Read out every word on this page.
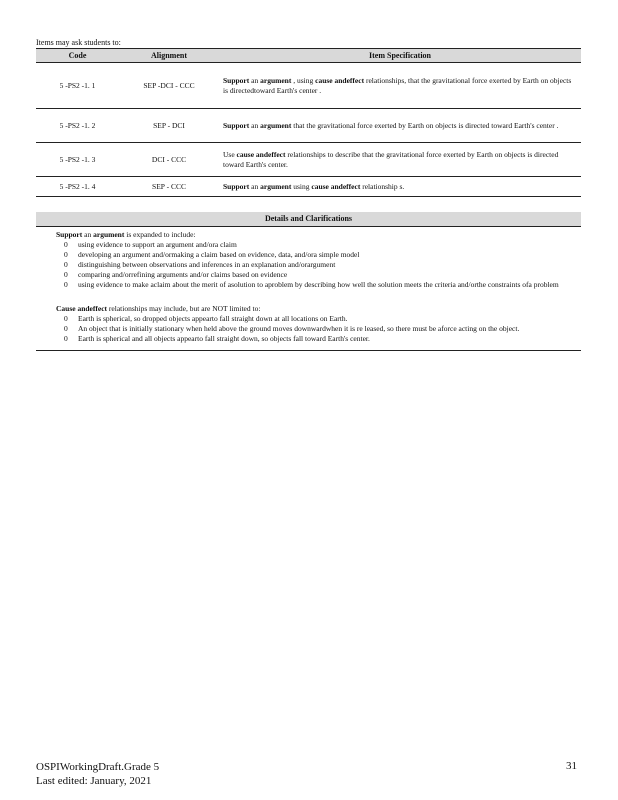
Items may ask students to:
Code	Alignment	Item Specification
5 -PS2 -1. 1	SEP -DCI - CCC	Support an argument , using cause andeffect relationships, that the gravitational force exerted by Earth on objects is directedtoward Earth's center .
5 -PS2 -1. 2	SEP - DCI	Support an argument that the gravitational force exerted by Earth on objects is directed toward Earth's center .
5 -PS2 -1. 3	DCI - CCC	Use cause andeffect relationships to describe that the gravitational force exerted by Earth on objects is directed toward Earth's center.
5 -PS2 -1. 4	SEP - CCC	Support an argument using cause andeffect relationship s.
Details and Clarifications
Support an argument is expanded to include:
0 using evidence to support an argument and/ora claim
0 developing an argument and/ormaking a claim based on evidence, data, and/ora simple model
0 distinguishing between observations and inferences in an explanation and/orargument
0 comparing and/orrefining arguments and/or claims based on evidence
0 using evidence to make aclaim about the merit of asolution to aproblem by describing how well the solution meets the criteria and/orthe constraints ofa problem
Cause andeffect relationships may include, but are NOT limited to:
0 Earth is spherical, so dropped objects appearto fall straight down at all locations on Earth.
0 An object that is initially stationary when held above the ground moves downwardwhen it is re leased, so there must be aforce acting on the object.
0 Earth is spherical and all objects appearto fall straight down, so objects fall toward Earth's center.
OSPIWorkingDraft.Grade 5
Last edited: January, 2021
31
